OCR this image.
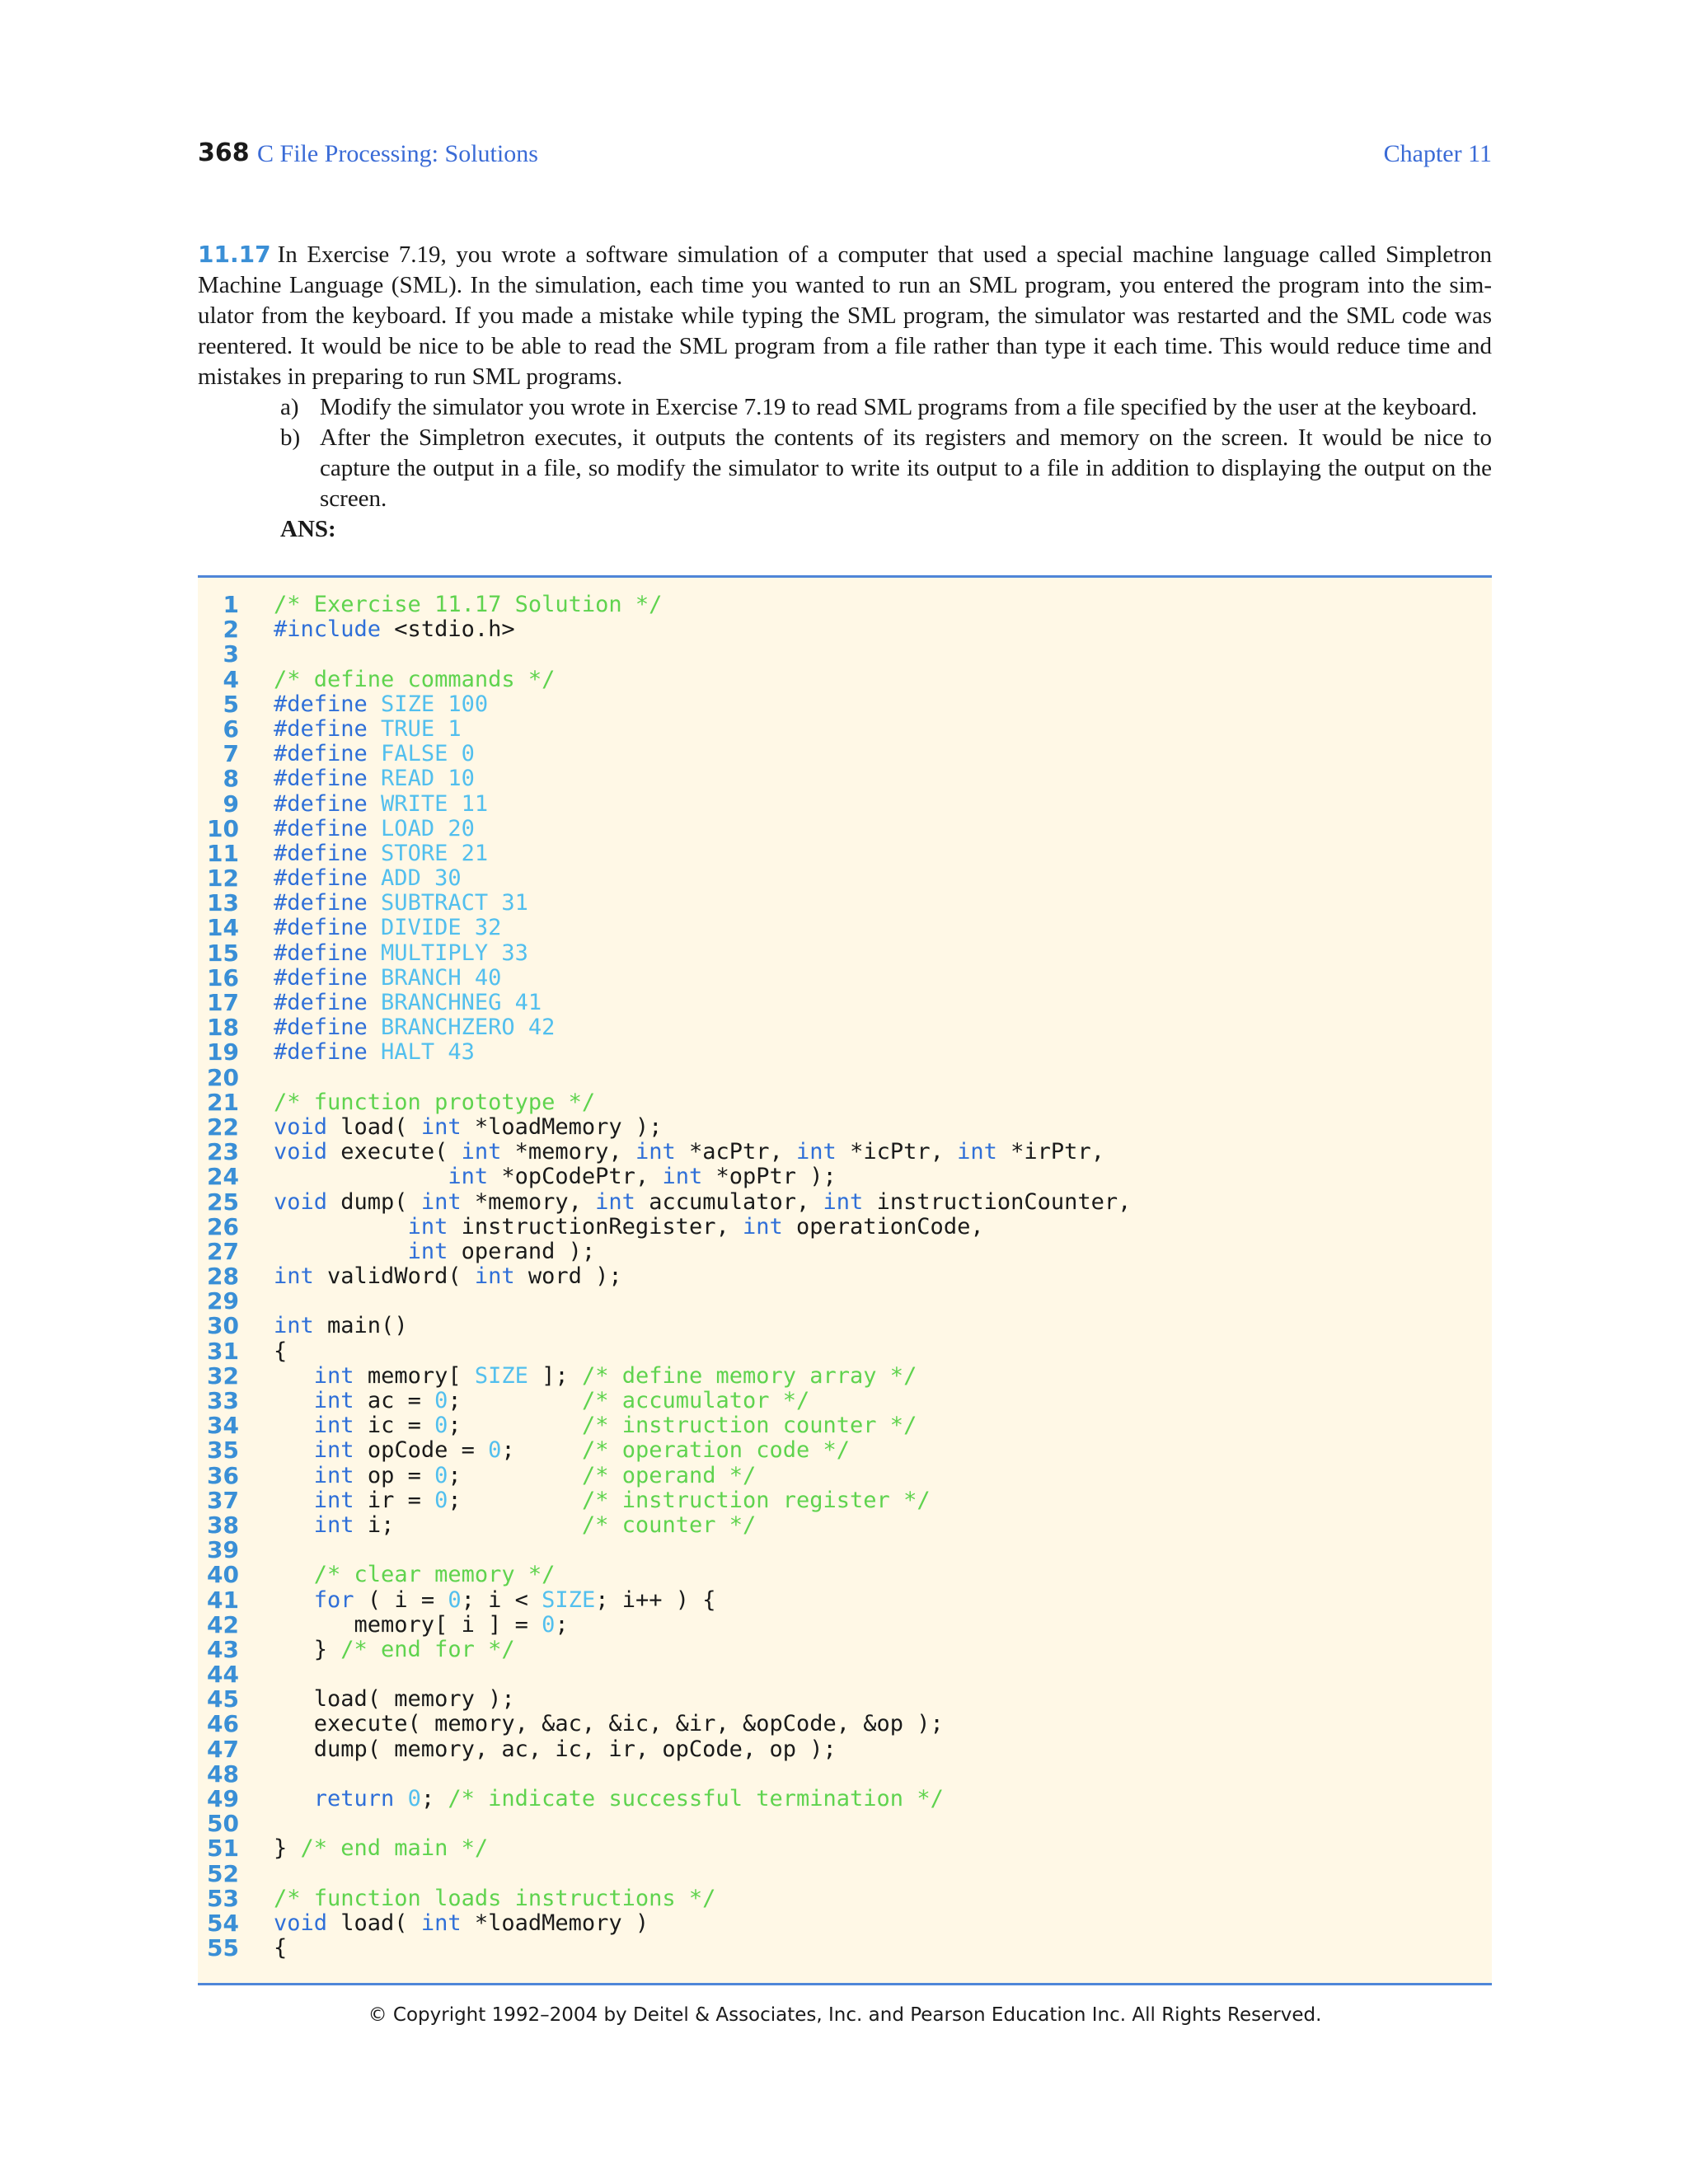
368 C File Processing: Solutions	Chapter 11

11.17 In Exercise 7.19, you wrote a software simulation of a computer that used a special machine language called Simpletron Machine Language (SML). In the simulation, each time you wanted to run an SML program, you entered the program into the sim-ulator from the keyboard. If you made a mistake while typing the SML program, the simulator was restarted and the SML code was reentered. It would be nice to be able to read the SML program from a file rather than type it each time. This would reduce time and mistakes in preparing to run SML programs.

a) Modify the simulator you wrote in Exercise 7.19 to read SML programs from a file specified by the user at the keyboard.
b) After the Simpletron executes, it outputs the contents of its registers and memory on the screen. It would be nice to capture the output in a file, so modify the simulator to write its output to a file in addition to displaying the output on the screen.

ANS:

1 /* Exercise 11.17 Solution */
2 #include <stdio.h>
3
4 /* define commands */
5 #define SIZE 100
6 #define TRUE 1
7 #define FALSE 0
8 #define READ 10
9 #define WRITE 11
10 #define LOAD 20
11 #define STORE 21
12 #define ADD 30
13 #define SUBTRACT 31
14 #define DIVIDE 32
15 #define MULTIPLY 33
16 #define BRANCH 40
17 #define BRANCHNEG 41
18 #define BRANCHZERO 42
19 #define HALT 43
20
21 /* function prototype */
22 void load( int *loadMemory );
23 void execute( int *memory, int *acPtr, int *icPtr, int *irPtr,
24	int *opCodePtr, int *opPtr );
25 void dump( int *memory, int accumulator, int instructionCounter,
26	int instructionRegister, int operationCode,
27	int operand );
28 int validWord( int word );
29
30 int main()
31 {
32	int memory[ SIZE ]; /* define memory array */
33	int ac = 0;         /* accumulator */
34	int ic = 0;         /* instruction counter */
35	int opCode = 0;     /* operation code */
36	int op = 0;         /* operand */
37	int ir = 0;         /* instruction register */
38	int i;              /* counter */
39
40	/* clear memory */
41	for ( i = 0; i < SIZE; i++ ) {
42 memory[ i ] = 0;
43 } /* end for */
44
45 load( memory );
46 execute( memory, &ac, &ic, &ir, &opCode, &op );
47 dump( memory, ac, ic, ir, opCode, op );
48
49	return 0; /* indicate successful termination */
50
51 } /* end main */
52
53 /* function loads instructions */
54 void load( int *loadMemory )
55 {
© Copyright 1992–2004 by Deitel & Associates, Inc. and Pearson Education Inc. All Rights Reserved.
